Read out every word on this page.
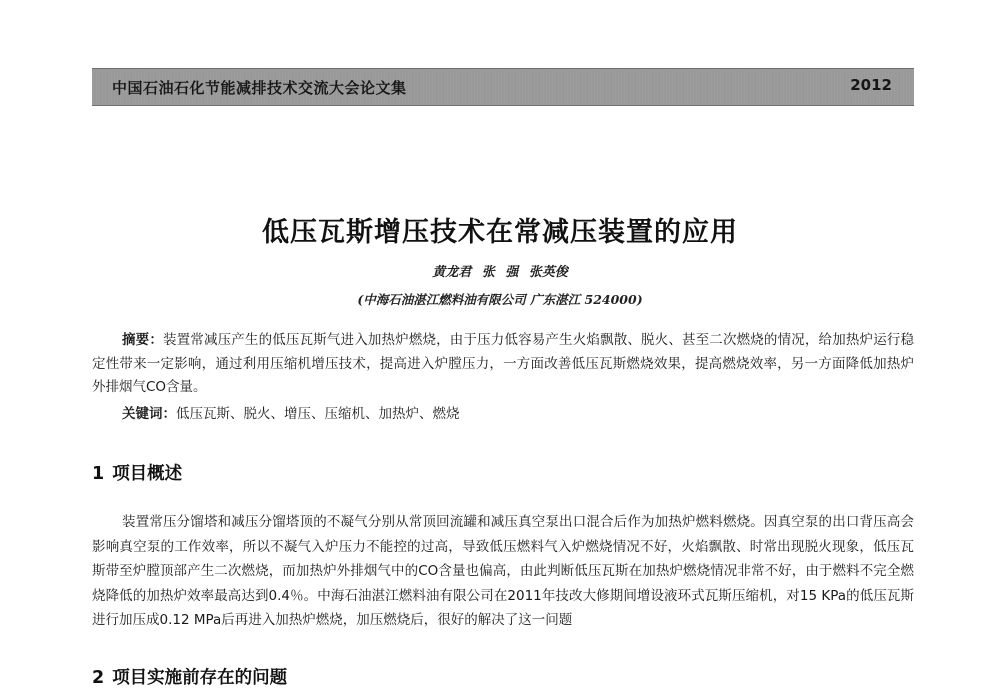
中国石油石化节能减排技术交流大会论文集	2012
低压瓦斯增压技术在常减压装置的应用
黄龙君 张 强 张英俊
(中海石油湛江燃料油有限公司 广东湛江 524000)
摘要：装置常减压产生的低压瓦斯气进入加热炉燃烧，由于压力低容易产生火焰飘散、脱火、甚至二次燃烧的情况，给加热炉运行稳定性带来一定影响，通过利用压缩机增压技术，提高进入炉膛压力，一方面改善低压瓦斯燃烧效果，提高燃烧效率，另一方面降低加热炉外排烟气CO含量。
关键词：低压瓦斯、脱火、增压、压缩机、加热炉、燃烧
1 项目概述
装置常压分馏塔和减压分馏塔顶的不凝气分别从常顶回流罐和减压真空泵出口混合后作为加热炉燃料燃烧。因真空泵的出口背压高会影响真空泵的工作效率，所以不凝气入炉压力不能控的过高，导致低压燃料气入炉燃烧情况不好，火焰飘散、时常出现脱火现象，低压瓦斯带至炉膛顶部产生二次燃烧，而加热炉外排烟气中的CO含量也偏高，由此判断低压瓦斯在加热炉燃烧情况非常不好，由于燃料不完全燃烧降低的加热炉效率最高达到0.4％。中海石油湛江燃料油有限公司在2011年技改大修期间增设液环式瓦斯压缩机，对15 KPa的低压瓦斯进行加压成0.12 MPa后再进入加热炉燃烧，加压燃烧后，很好的解决了这一问题
2 项目实施前存在的问题
